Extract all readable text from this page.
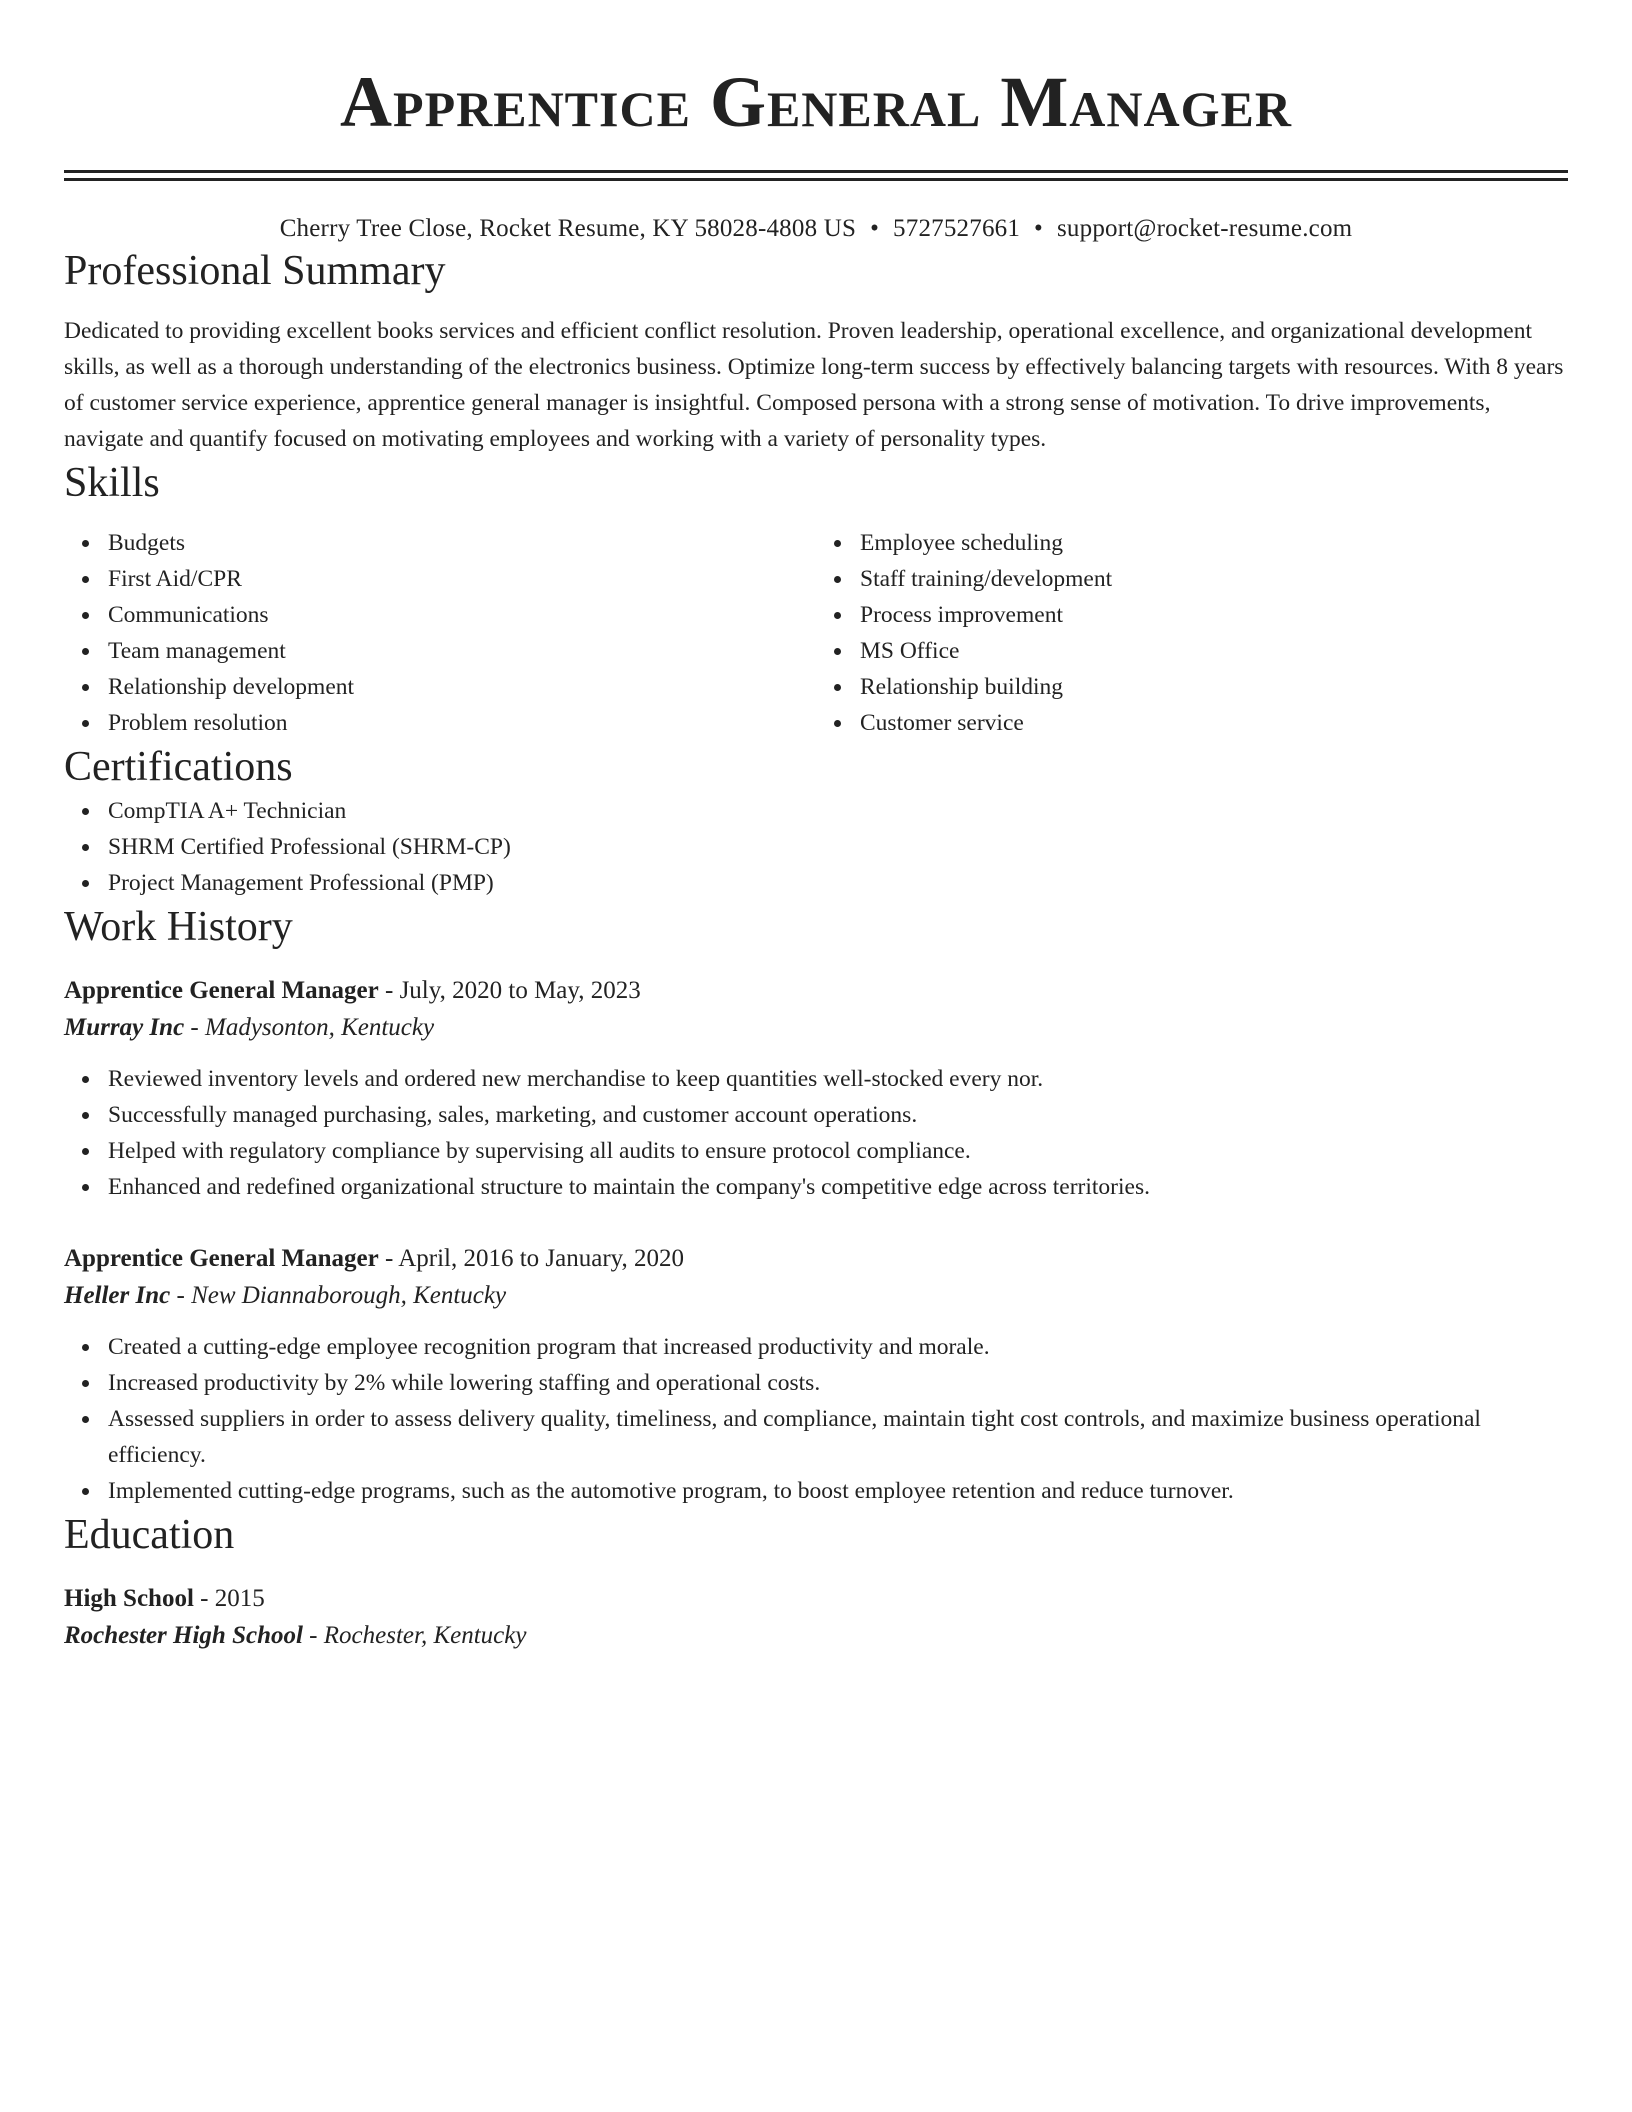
Apprentice General Manager
Cherry Tree Close, Rocket Resume, KY 58028-4808 US • 5727527661 • support@rocket-resume.com
Professional Summary

Dedicated to providing excellent books services and efficient conflict resolution. Proven leadership, operational excellence, and organizational development skills, as well as a thorough understanding of the electronics business. Optimize long-term success by effectively balancing targets with resources. With 8 years of customer service experience, apprentice general manager is insightful. Composed persona with a strong sense of motivation. To drive improvements, navigate and quantify focused on motivating employees and working with a variety of personality types.

Skills
Budgets
First Aid/CPR
Communications
Team management
Relationship development
Problem resolution
Employee scheduling
Staff training/development
Process improvement
MS Office
Relationship building
Customer service
Certifications
CompTIA A+ Technician
SHRM Certified Professional (SHRM-CP)
Project Management Professional (PMP)
Work History
Apprentice General Manager - July, 2020 to May, 2023
Murray Inc - Madysonton, Kentucky
Reviewed inventory levels and ordered new merchandise to keep quantities well-stocked every nor.
Successfully managed purchasing, sales, marketing, and customer account operations.
Helped with regulatory compliance by supervising all audits to ensure protocol compliance.
Enhanced and redefined organizational structure to maintain the company's competitive edge across territories.
Apprentice General Manager - April, 2016 to January, 2020
Heller Inc - New Diannaborough, Kentucky
Created a cutting-edge employee recognition program that increased productivity and morale.
Increased productivity by 2% while lowering staffing and operational costs.
Assessed suppliers in order to assess delivery quality, timeliness, and compliance, maintain tight cost controls, and maximize business operational efficiency.
Implemented cutting-edge programs, such as the automotive program, to boost employee retention and reduce turnover.
Education
High School - 2015
Rochester High School - Rochester, Kentucky
